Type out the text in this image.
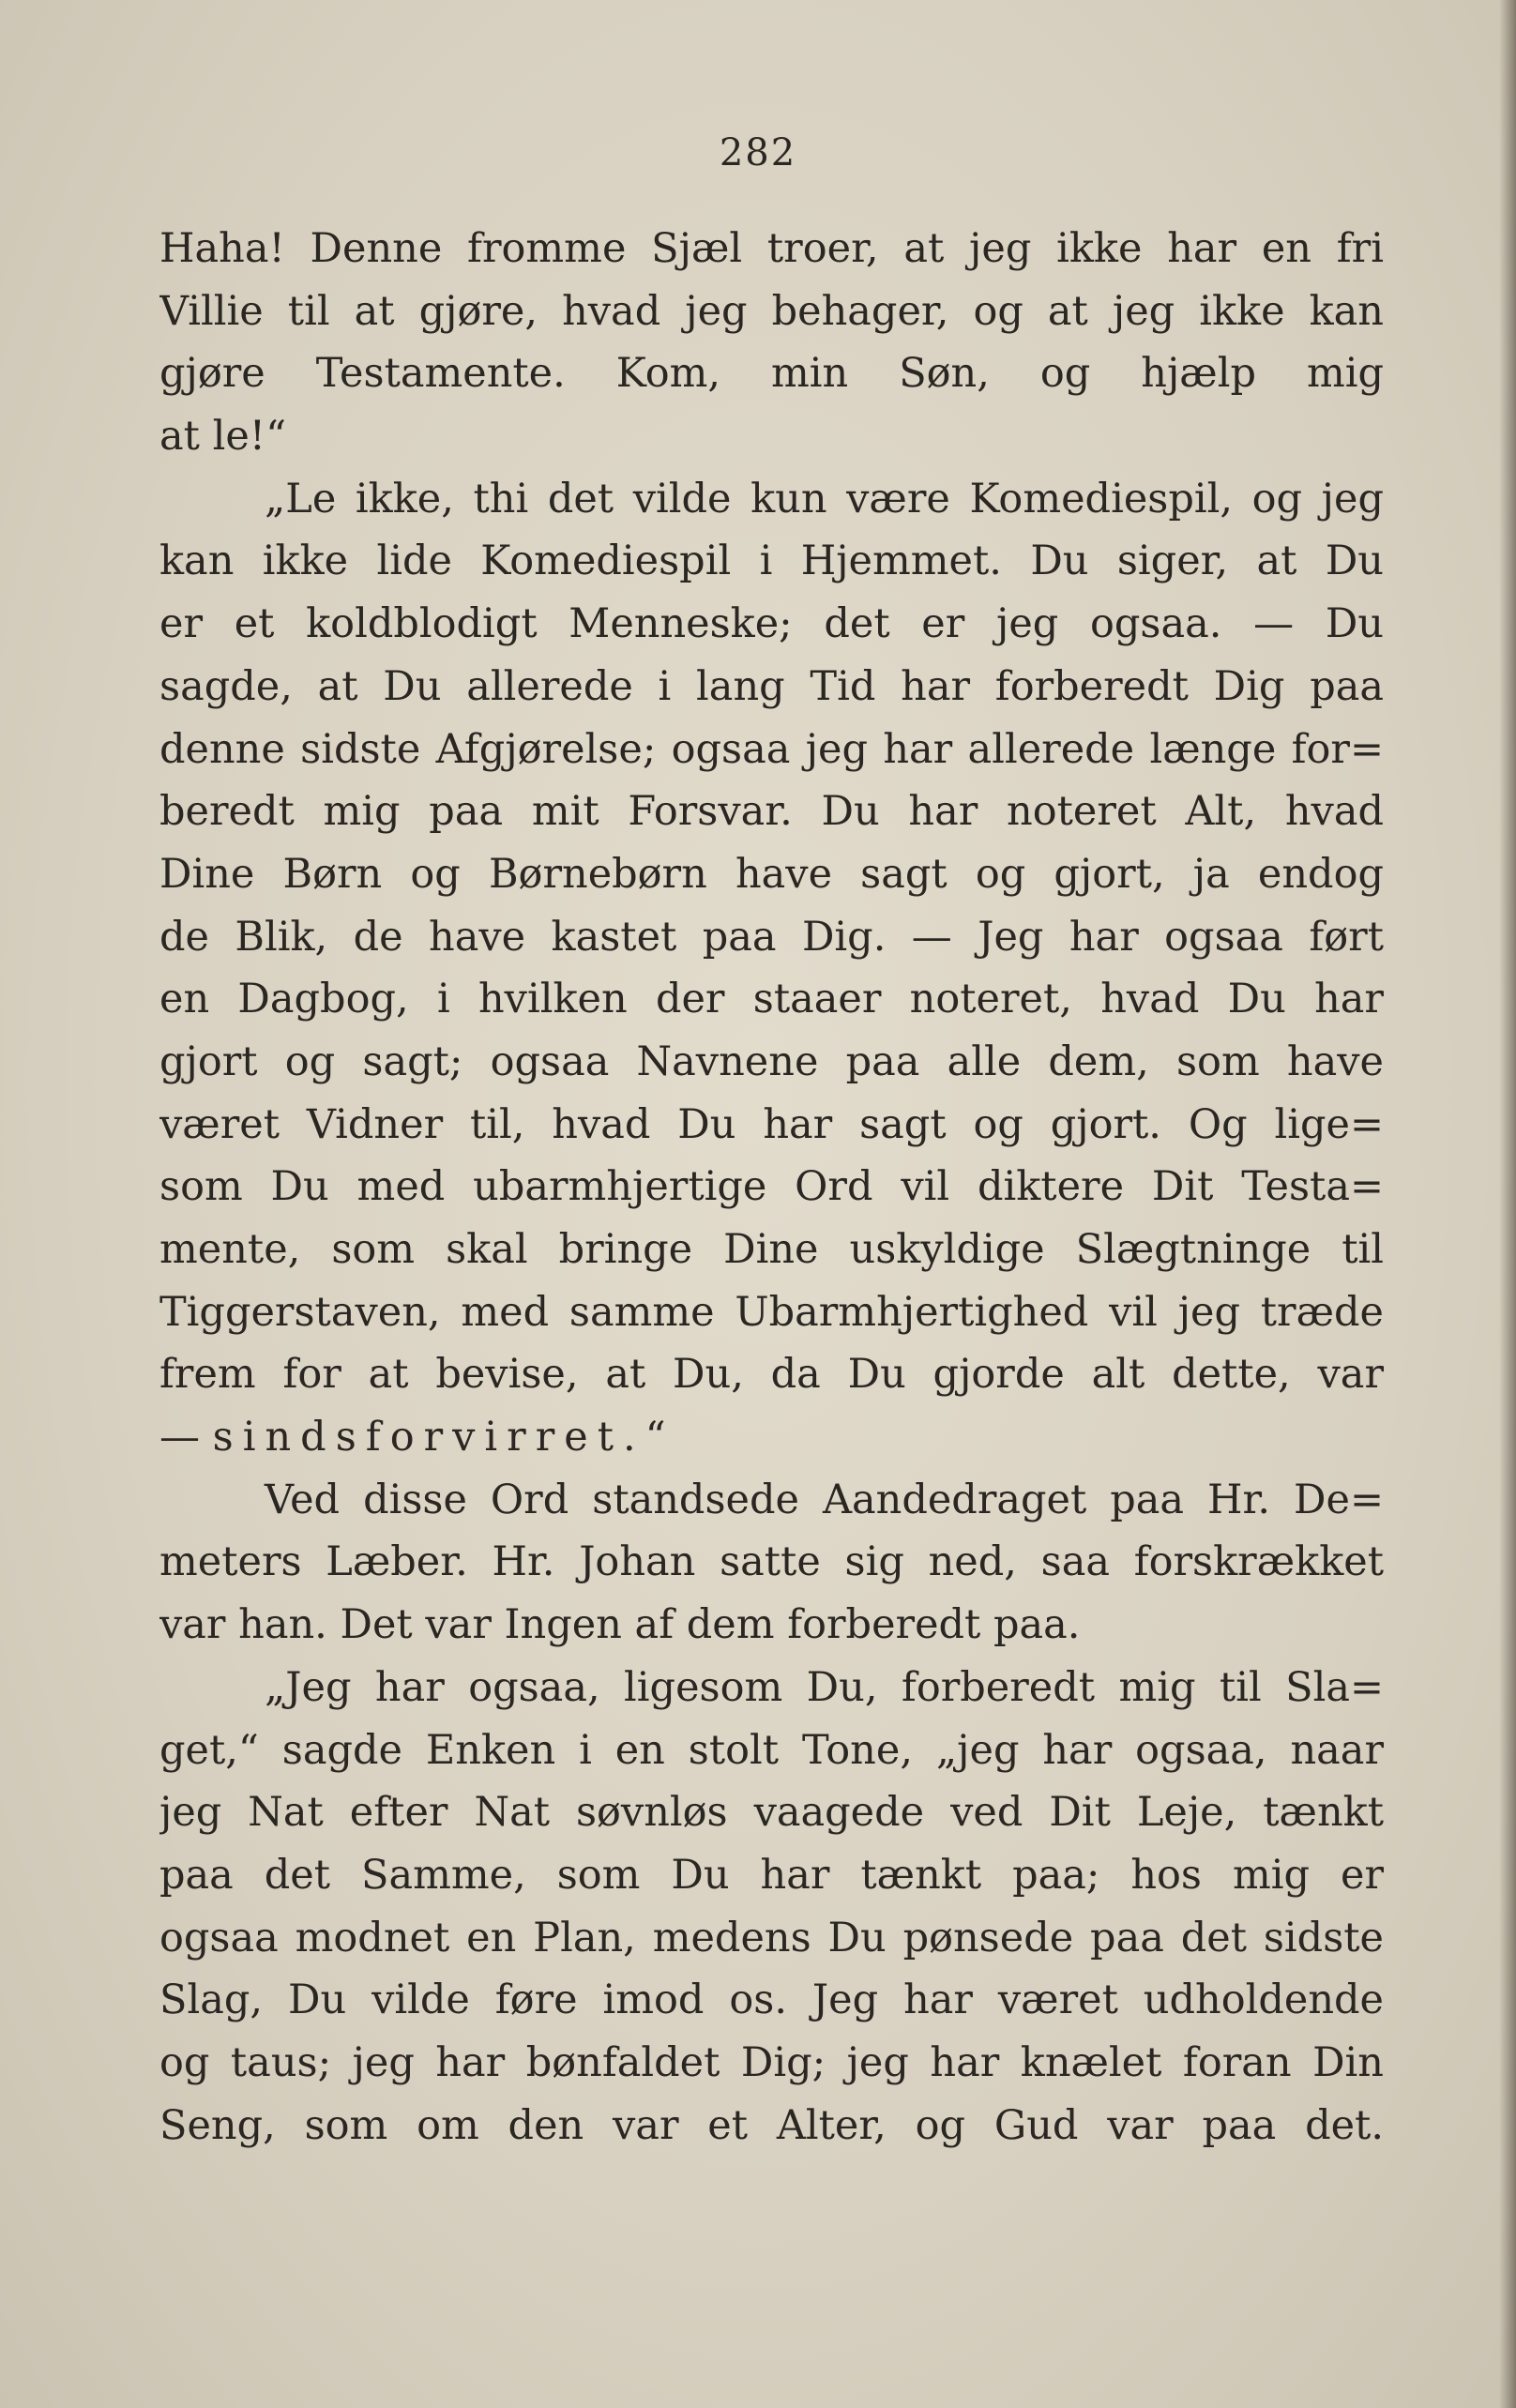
282
Haha! Denne fromme Sjæl troer, at jeg ikke har en fri
Villie til at gjøre, hvad jeg behager, og at jeg ikke kan
gjøre Testamente. Kom, min Søn, og hjælp mig
at le!“
„Le ikke, thi det vilde kun være Komediespil, og jeg
kan ikke lide Komediespil i Hjemmet. Du siger, at Du
er et koldblodigt Menneske; det er jeg ogsaa. — Du
sagde, at Du allerede i lang Tid har forberedt Dig paa
denne sidste Afgjørelse; ogsaa jeg har allerede længe for=
beredt mig paa mit Forsvar. Du har noteret Alt, hvad
Dine Børn og Børnebørn have sagt og gjort, ja endog
de Blik, de have kastet paa Dig. — Jeg har ogsaa ført
en Dagbog, i hvilken der staaer noteret, hvad Du har
gjort og sagt; ogsaa Navnene paa alle dem, som have
været Vidner til, hvad Du har sagt og gjort. Og lige=
som Du med ubarmhjertige Ord vil diktere Dit Testa=
mente, som skal bringe Dine uskyldige Slægtninge til
Tiggerstaven, med samme Ubarmhjertighed vil jeg træde
frem for at bevise, at Du, da Du gjorde alt dette, var
— sindsforvirret.“
Ved disse Ord standsede Aandedraget paa Hr. De=
meters Læber. Hr. Johan satte sig ned, saa forskrækket
var han. Det var Ingen af dem forberedt paa.
„Jeg har ogsaa, ligesom Du, forberedt mig til Sla=
get,“ sagde Enken i en stolt Tone, „jeg har ogsaa, naar
jeg Nat efter Nat søvnløs vaagede ved Dit Leje, tænkt
paa det Samme, som Du har tænkt paa; hos mig er
ogsaa modnet en Plan, medens Du pønsede paa det sidste
Slag, Du vilde føre imod os. Jeg har været udholdende
og taus; jeg har bønfaldet Dig; jeg har knælet foran Din
Seng, som om den var et Alter, og Gud var paa det.
